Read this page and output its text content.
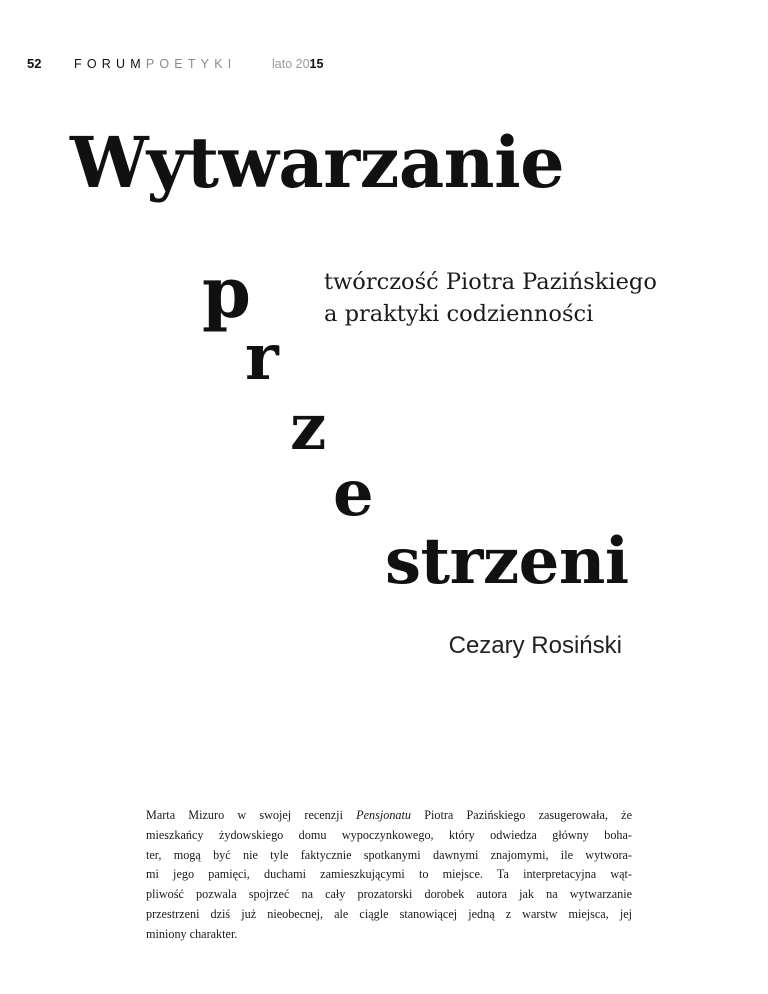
52	FORUMPOETYKI	lato 2015
Wytwarzanie
p
r
z
e
strzeni
twórczość Piotra Pazińskiego
a praktyki codzienności
Cezary Rosiński
Marta Mizuro w swojej recenzji Pensjonatu Piotra Pazińskiego zasugerowała, że
mieszkańcy żydowskiego domu wypoczynkowego, który odwiedza główny boha-
ter, mogą być nie tyle faktycznie spotkanymi dawnymi znajomymi, ile wytwora-
mi jego pamięci, duchami zamieszkującymi to miejsce. Ta interpretacyjna wąt-
pliwość pozwala spojrzeć na cały prozatorski dorobek autora jak na wytwarzanie
przestrzeni dziś już nieobecnej, ale ciągle stanowiącej jedną z warstw miejsca, jej
miniony charakter.
